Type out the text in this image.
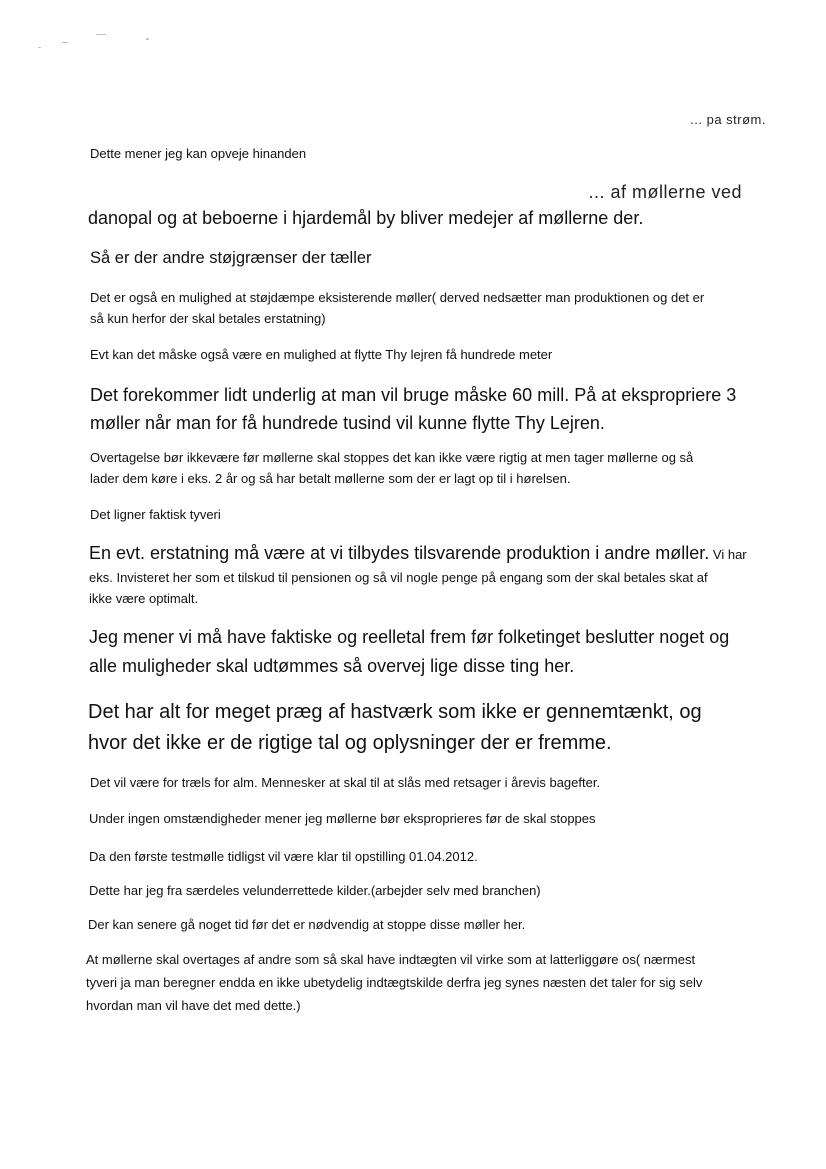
... pa strøm.

Dette mener jeg kan opveje hinanden

... af møllerne ved

danopal og at beboerne i hjardemål by bliver medejer af møllerne der.

Så er der andre støjgrænser der tæller

Det er også en mulighed at støjdæmpe eksisterende møller( derved nedsætter man produktionen og det er

så kun herfor der skal betales erstatning)

Evt kan det måske også være en mulighed at flytte Thy lejren få hundrede meter

Det forekommer lidt underlig at man vil bruge måske 60 mill. På at ekspropriere 3

møller når man for få hundrede tusind vil kunne flytte Thy Lejren.

Overtagelse bør ikkevære før møllerne skal stoppes det kan ikke være rigtig at men tager møllerne og så

lader dem køre i eks. 2 år og så har betalt møllerne som der er lagt op til i hørelsen.

Det ligner faktisk tyveri

En evt. erstatning må være at vi tilbydes tilsvarende produktion i andre møller. Vi har

eks. Invisteret her som et tilskud til pensionen og så vil nogle penge på engang som der skal betales skat af

ikke være optimalt.

Jeg mener vi må have faktiske og reelletal frem før folketinget beslutter noget og

alle muligheder skal udtømmes så overvej lige disse ting her.

Det har alt for meget præg af hastværk som ikke er gennemtænkt, og

hvor det ikke er de rigtige tal og oplysninger der er fremme.

Det vil være for træls for alm. Mennesker at skal til at slås med retsager i årevis bagefter.

Under ingen omstændigheder mener jeg møllerne bør eksproprieres før de skal stoppes

Da den første testmølle tidligst vil være klar til opstilling 01.04.2012.

Dette har jeg fra særdeles velunderrettede kilder.(arbejder selv med branchen)

Der kan senere gå noget tid før det er nødvendig at stoppe disse møller her.

At møllerne skal overtages af andre som så skal have indtægten vil virke som at latterliggøre os( nærmest

tyveri ja man beregner endda en ikke ubetydelig indtægtskilde derfra jeg synes næsten det taler for sig selv

hvordan man vil have det med dette.)
